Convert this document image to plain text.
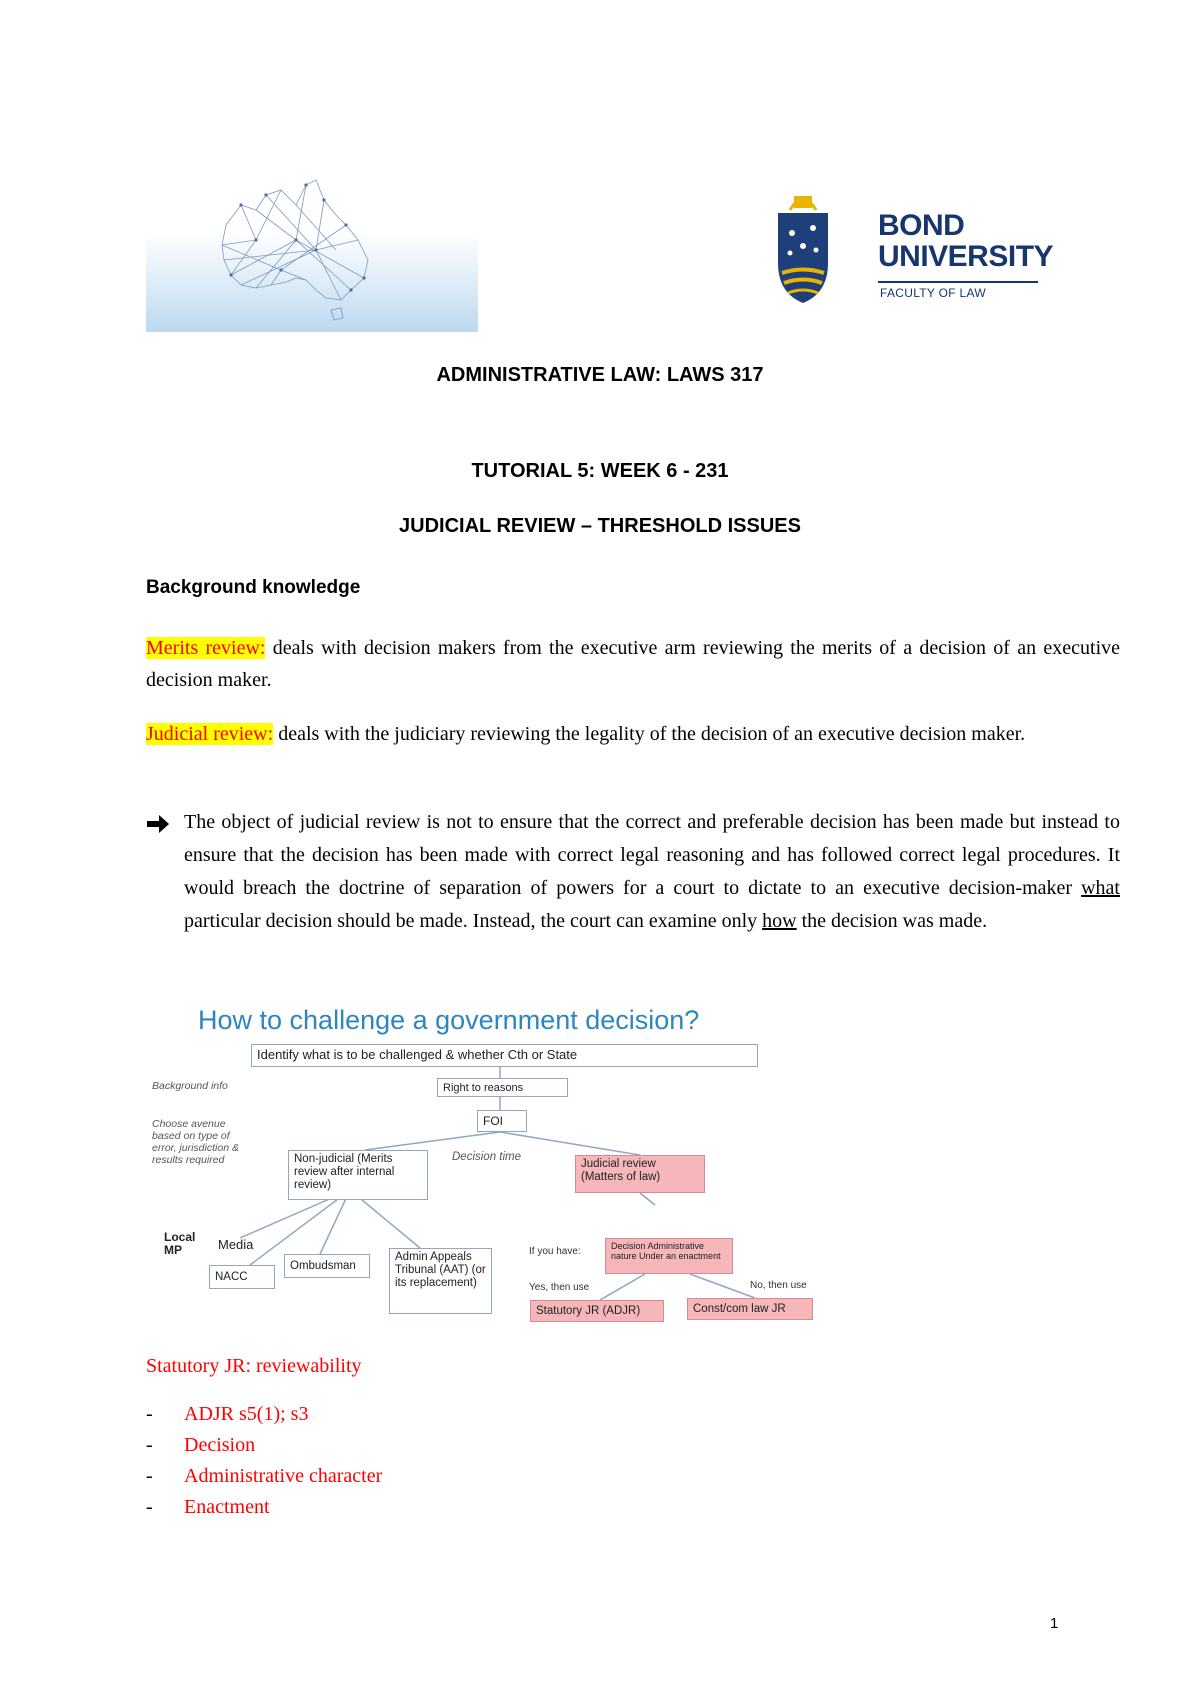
BOND
UNIVERSITY
FACULTY OF LAW
ADMINISTRATIVE LAW: LAWS 317
TUTORIAL 5: WEEK 6 - 231
JUDICIAL REVIEW – THRESHOLD ISSUES
Background knowledge
Merits review: deals with decision makers from the executive arm reviewing the merits of a decision of an executive decision maker.
Judicial review: deals with the judiciary reviewing the legality of the decision of an executive decision maker.
The object of judicial review is not to ensure that the correct and preferable decision has been made but instead to ensure that the decision has been made with correct legal reasoning and has followed correct legal procedures. It would breach the doctrine of separation of powers for a court to dictate to an executive decision-maker what particular decision should be made. Instead, the court can examine only how the decision was made.
How to challenge a government decision?
Identify what is to be challenged & whether Cth or State
Right to reasons
FOI
Background info
Choose avenue based on type of error, jurisdiction & results required	Decision time
Non-judicial (Merits review after internal review)
Judicial review (Matters of law)
Local MP	Media
NACC
Ombudsman
Admin Appeals Tribunal (AAT) (or its replacement)
If you have:	Decision Administrative nature Under an enactment
Yes, then use	No, then use
Statutory JR (ADJR)	Const/com law JR
Statutory JR: reviewability
- ADJR s5(1); s3
- Decision
- Administrative character
- Enactment
1
